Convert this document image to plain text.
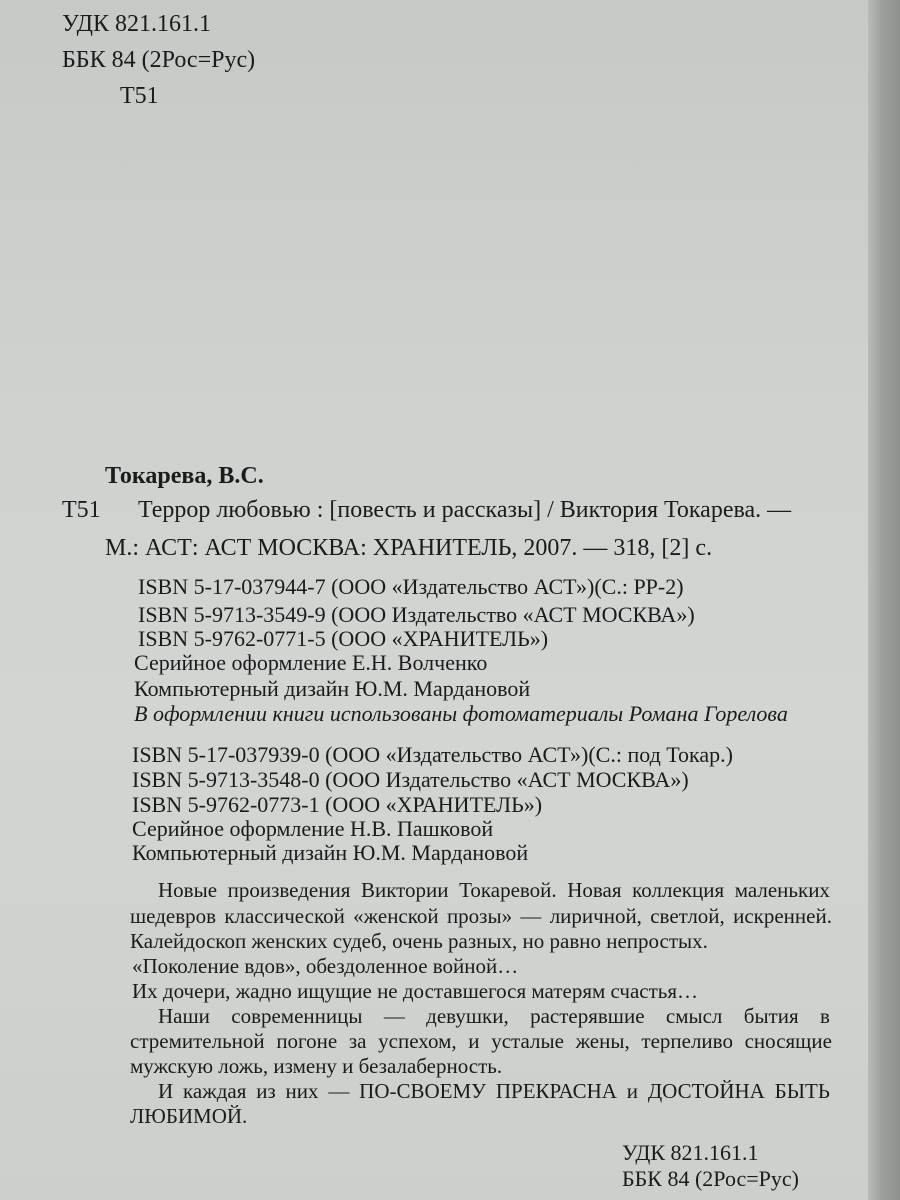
УДК 821.161.1
ББК 84 (2Рос=Рус)
Т51
Токарева, В.С.
Т51 Террор любовью : [повесть и рассказы] / Виктория Токарева. —
М.: АСТ: АСТ МОСКВА: ХРАНИТЕЛЬ, 2007. — 318, [2] с.
ISBN 5-17-037944-7 (ООО «Издательство АСТ»)(С.: РР-2)
ISBN 5-9713-3549-9 (ООО Издательство «АСТ МОСКВА»)
ISBN 5-9762-0771-5 (ООО «ХРАНИТЕЛЬ»)
Серийное оформление Е.Н. Волченко
Компьютерный дизайн Ю.М. Мардановой
В оформлении книги использованы фотоматериалы Романа Горелова
ISBN 5-17-037939-0 (ООО «Издательство АСТ»)(С.: под Токар.)
ISBN 5-9713-3548-0 (ООО Издательство «АСТ МОСКВА»)
ISBN 5-9762-0773-1 (ООО «ХРАНИТЕЛЬ»)
Серийное оформление Н.В. Пашковой
Компьютерный дизайн Ю.М. Мардановой
Новые произведения Виктории Токаревой. Новая коллекция маленьких
шедевров классической «женской прозы» — лиричной, светлой, искренней.
Калейдоскоп женских судеб, очень разных, но равно непростых.
«Поколение вдов», обездоленное войной…
Их дочери, жадно ищущие не доставшегося матерям счастья…
Наши современницы — девушки, растерявшие смысл бытия в
стремительной погоне за успехом, и усталые жены, терпеливо сносящие
мужскую ложь, измену и безалаберность.
И каждая из них — ПО-СВОЕМУ ПРЕКРАСНА и ДОСТОЙНА БЫТЬ
ЛЮБИМОЙ.
УДК 821.161.1
ББК 84 (2Рос=Рус)
